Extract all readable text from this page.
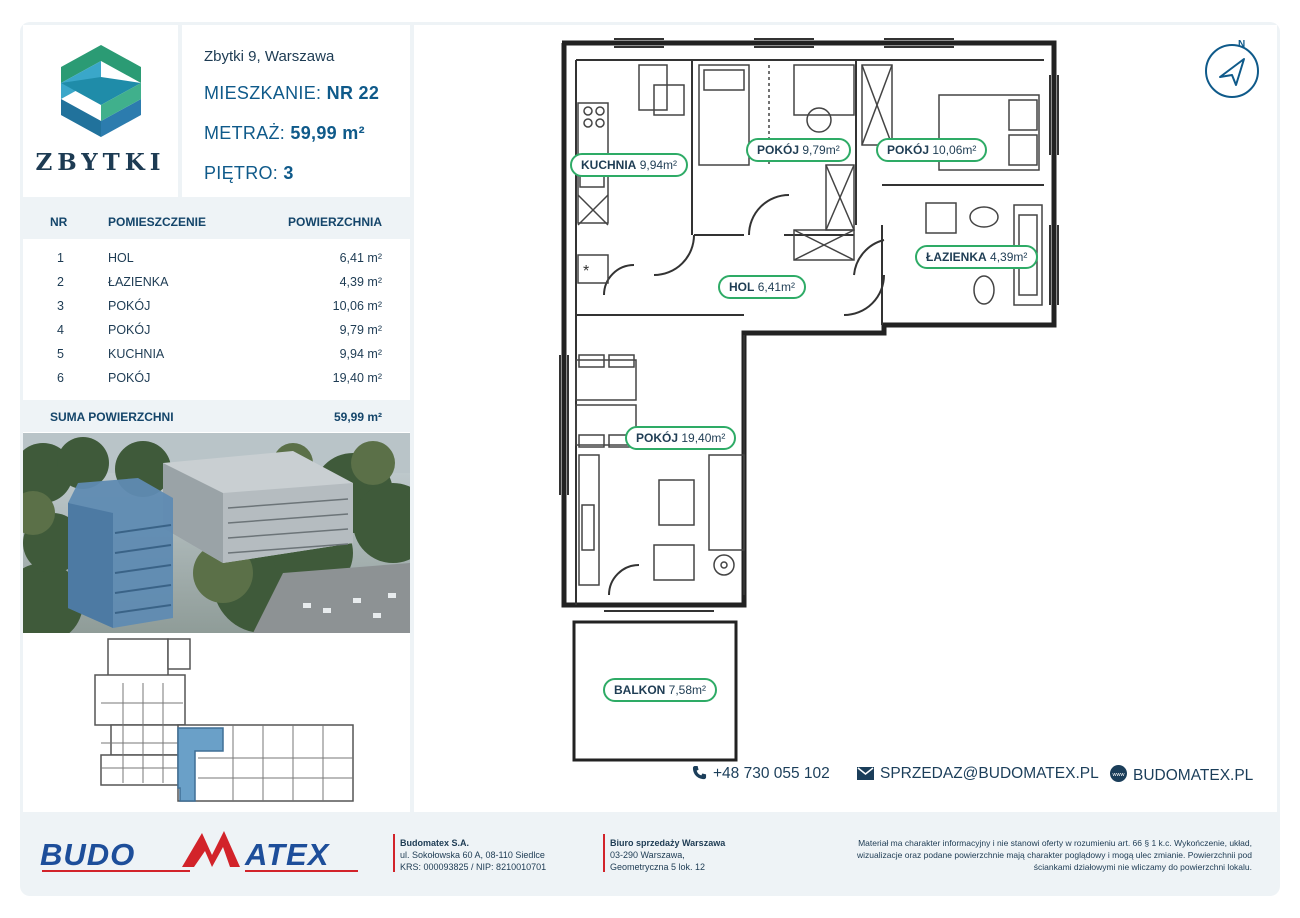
ZBYTKI
Zbytki 9, Warszawa
MIESZKANIE: NR 22
METRAŻ: 59,99 m²
PIĘTRO: 3
NR	POMIESZCZENIE	POWIERZCHNIA
1	HOL	6,41 m²
2	ŁAZIENKA	4,39 m²
3	POKÓJ	10,06 m²
4	POKÓJ	9,79 m²
5	KUCHNIA	9,94 m²
6	POKÓJ	19,40 m²
SUMA POWIERZCHNI	59,99 m²
N
*
KUCHNIA 9,94m²
POKÓJ 9,79m²	POKÓJ 10,06m²
ŁAZIENKA 4,39m²
HOL 6,41m²
POKÓJ 19,40m²
BALKON 7,58m²
+48 730 055 102	SPRZEDAZ@BUDOMATEX.PL	www BUDOMATEX.PL
BUDO	ATEX	Budomatex S.A.
ul. Sokołowska 60 A, 08-110 Siedlce
KRS: 000093825 / NIP: 8210010701
Biuro sprzedaży Warszawa
03-290 Warszawa,
Geometryczna 5 lok. 12
Materiał ma charakter informacyjny i nie stanowi oferty w rozumieniu art. 66 § 1 k.c. Wykończenie, układ,
wizualizacje oraz podane powierzchnie mają charakter poglądowy i mogą ulec zmianie. Powierzchnii pod
ściankami działowymi nie wliczamy do powierzchni lokalu.
